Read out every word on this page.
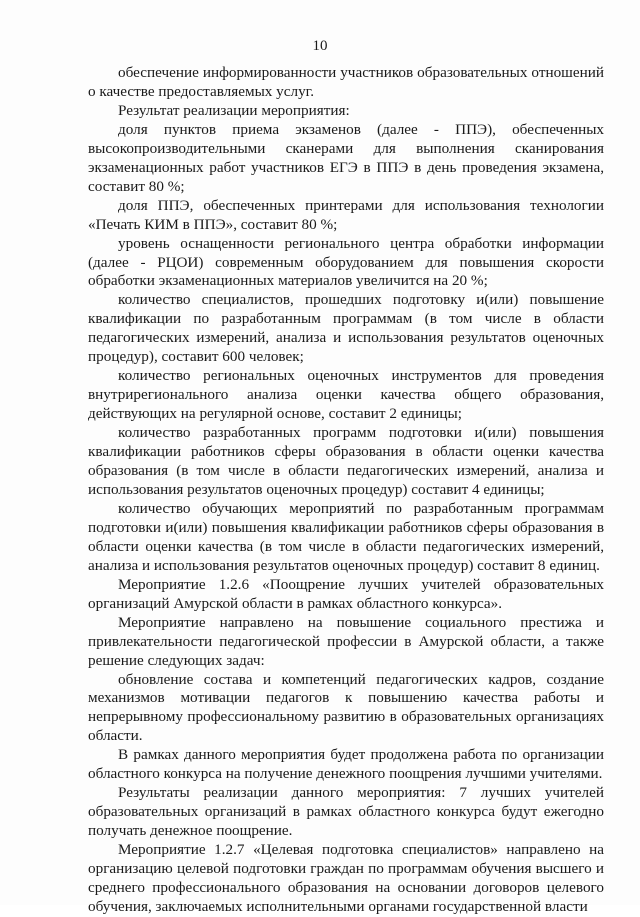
10

обеспечение информированности участников образовательных отношений о качестве предоставляемых услуг.

Результат реализации мероприятия:

доля пунктов приема экзаменов (далее - ППЭ), обеспеченных высокопроизводительными сканерами для выполнения сканирования экзаменационных работ участников ЕГЭ в ППЭ в день проведения экзамена, составит 80 %;

доля ППЭ, обеспеченных принтерами для использования технологии «Печать КИМ в ППЭ», составит 80 %;

уровень оснащенности регионального центра обработки информации (далее - РЦОИ) современным оборудованием для повышения скорости обработки экзаменационных материалов увеличится на 20 %;

количество специалистов, прошедших подготовку и(или) повышение квалификации по разработанным программам (в том числе в области педагогических измерений, анализа и использования результатов оценочных процедур), составит 600 человек;

количество региональных оценочных инструментов для проведения внутрирегионального анализа оценки качества общего образования, действующих на регулярной основе, составит 2 единицы;

количество разработанных программ подготовки и(или) повышения квалификации работников сферы образования в области оценки качества образования (в том числе в области педагогических измерений, анализа и использования результатов оценочных процедур) составит 4 единицы;

количество обучающих мероприятий по разработанным программам подготовки и(или) повышения квалификации работников сферы образования в области оценки качества (в том числе в области педагогических измерений, анализа и использования результатов оценочных процедур) составит 8 единиц.

Мероприятие 1.2.6 «Поощрение лучших учителей образовательных организаций Амурской области в рамках областного конкурса».

Мероприятие направлено на повышение социального престижа и привлекательности педагогической профессии в Амурской области, а также решение следующих задач:

обновление состава и компетенций педагогических кадров, создание механизмов мотивации педагогов к повышению качества работы и непрерывному профессиональному развитию в образовательных организациях области.

В рамках данного мероприятия будет продолжена работа по организации областного конкурса на получение денежного поощрения лучшими учителями.

Результаты реализации данного мероприятия: 7 лучших учителей образовательных организаций в рамках областного конкурса будут ежегодно получать денежное поощрение.

Мероприятие 1.2.7 «Целевая подготовка специалистов» направлено на организацию целевой подготовки граждан по программам обучения высшего и среднего профессионального образования на основании договоров целевого обучения, заключаемых исполнительными органами государственной власти
